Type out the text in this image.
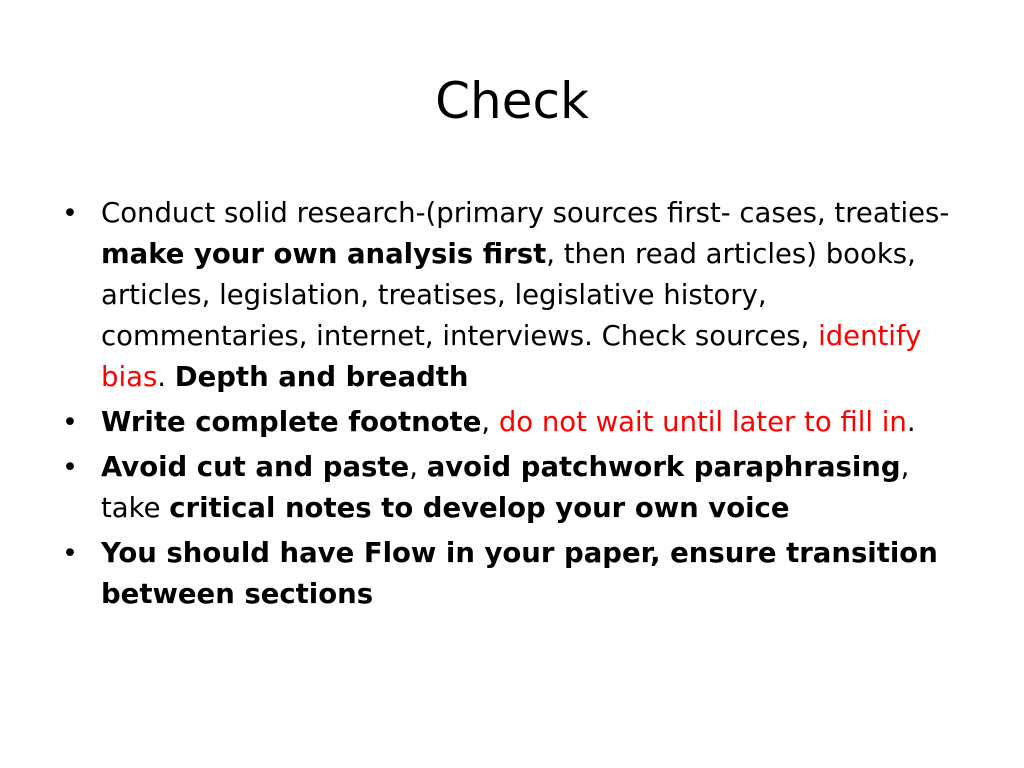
Check
• Conduct solid research-(primary sources first- cases, treaties- make your own analysis first, then read articles) books, articles, legislation, treatises, legislative history, commentaries, internet, interviews. Check sources, identify bias. Depth and breadth
• Write complete footnote, do not wait until later to fill in.
• Avoid cut and paste, avoid patchwork paraphrasing, take critical notes to develop your own voice
• You should have Flow in your paper, ensure transition between sections
